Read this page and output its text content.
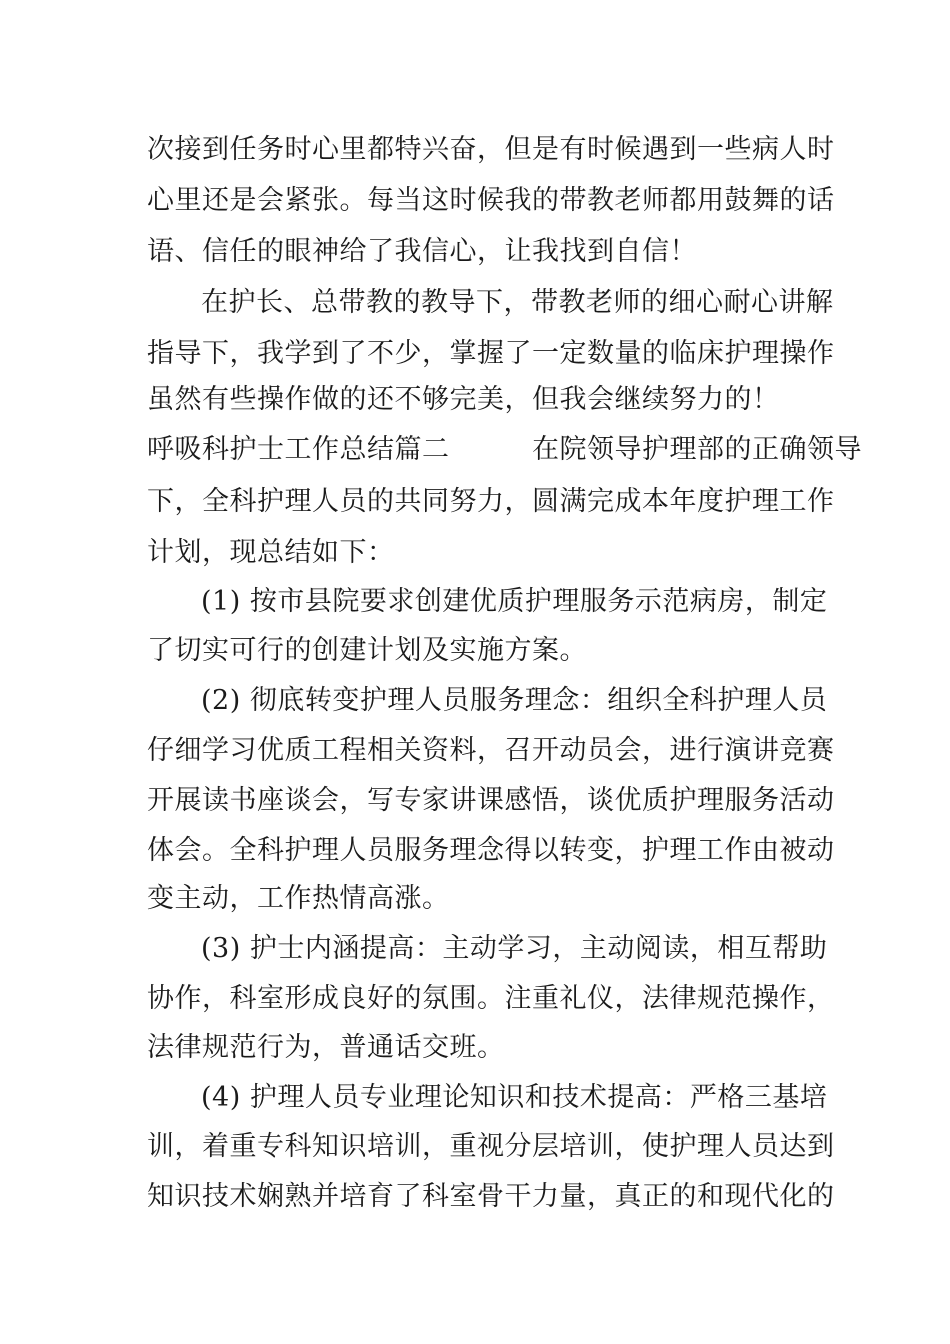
次接到任务时心里都特兴奋，但是有时候遇到一些病人时
心里还是会紧张。每当这时候我的带教老师都用鼓舞的话
语、信任的眼神给了我信心，让我找到自信！
在护长、总带教的教导下，带教老师的细心耐心讲解
指导下，我学到了不少，掌握了一定数量的临床护理操作
虽然有些操作做的还不够完美，但我会继续努力的！
呼吸科护士工作总结篇二　　　在院领导护理部的正确领导
下，全科护理人员的共同努力，圆满完成本年度护理工作
计划，现总结如下：
(1) 按市县院要求创建优质护理服务示范病房，制定
了切实可行的创建计划及实施方案。
(2) 彻底转变护理人员服务理念：组织全科护理人员
仔细学习优质工程相关资料，召开动员会，进行演讲竞赛
开展读书座谈会，写专家讲课感悟，谈优质护理服务活动
体会。全科护理人员服务理念得以转变，护理工作由被动
变主动，工作热情高涨。
(3) 护士内涵提高：主动学习，主动阅读，相互帮助
协作，科室形成良好的氛围。注重礼仪，法律规范操作，
法律规范行为，普通话交班。
(4) 护理人员专业理论知识和技术提高：严格三基培
训，着重专科知识培训，重视分层培训，使护理人员达到
知识技术娴熟并培育了科室骨干力量，真正的和现代化的
